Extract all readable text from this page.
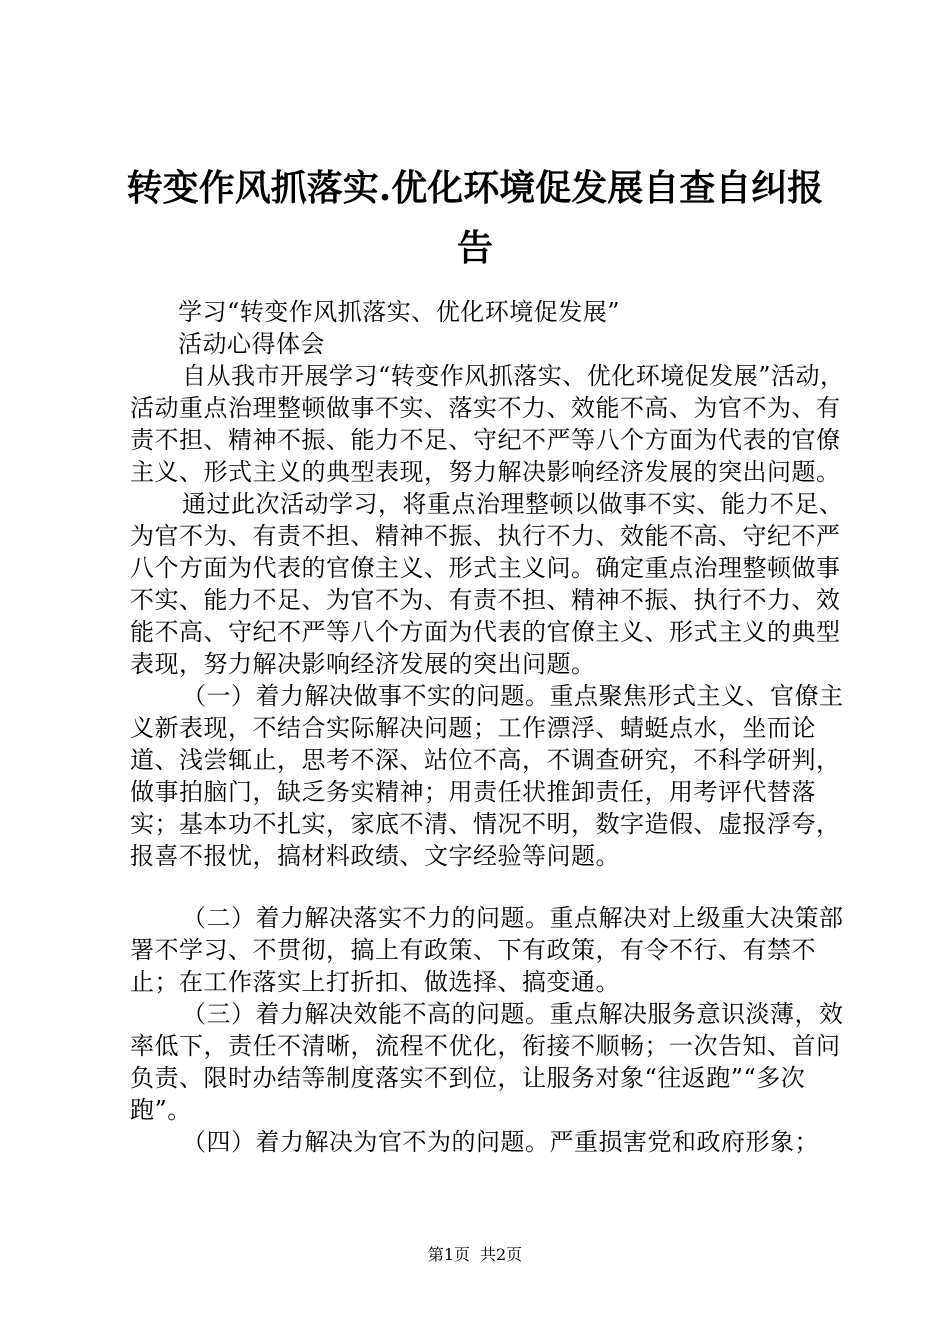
转变作风抓落实.优化环境促发展自查自纠报告

学习“转变作风抓落实、优化环境促发展”

活动心得体会

自从我市开展学习“转变作风抓落实、优化环境促发展”活动，活动重点治理整顿做事不实、落实不力、效能不高、为官不为、有责不担、精神不振、能力不足、守纪不严等八个方面为代表的官僚主义、形式主义的典型表现，努力解决影响经济发展的突出问题。

通过此次活动学习，将重点治理整顿以做事不实、能力不足、为官不为、有责不担、精神不振、执行不力、效能不高、守纪不严八个方面为代表的官僚主义、形式主义问。确定重点治理整顿做事不实、能力不足、为官不为、有责不担、精神不振、执行不力、效能不高、守纪不严等八个方面为代表的官僚主义、形式主义的典型表现，努力解决影响经济发展的突出问题。

（一）着力解决做事不实的问题。重点聚焦形式主义、官僚主义新表现，不结合实际解决问题；工作漂浮、蜻蜓点水，坐而论道、浅尝辄止，思考不深、站位不高，不调查研究，不科学研判，做事拍脑门，缺乏务实精神；用责任状推卸责任，用考评代替落实；基本功不扎实，家底不清、情况不明，数字造假、虚报浮夸，报喜不报忧，搞材料政绩、文字经验等问题。

（二）着力解决落实不力的问题。重点解决对上级重大决策部署不学习、不贯彻，搞上有政策、下有政策，有令不行、有禁不止；在工作落实上打折扣、做选择、搞变通。

（三）着力解决效能不高的问题。重点解决服务意识淡薄，效率低下，责任不清晰，流程不优化，衔接不顺畅；一次告知、首问负责、限时办结等制度落实不到位，让服务对象“往返跑”“多次跑”。

（四）着力解决为官不为的问题。严重损害党和政府形象；

第1页 共2页
